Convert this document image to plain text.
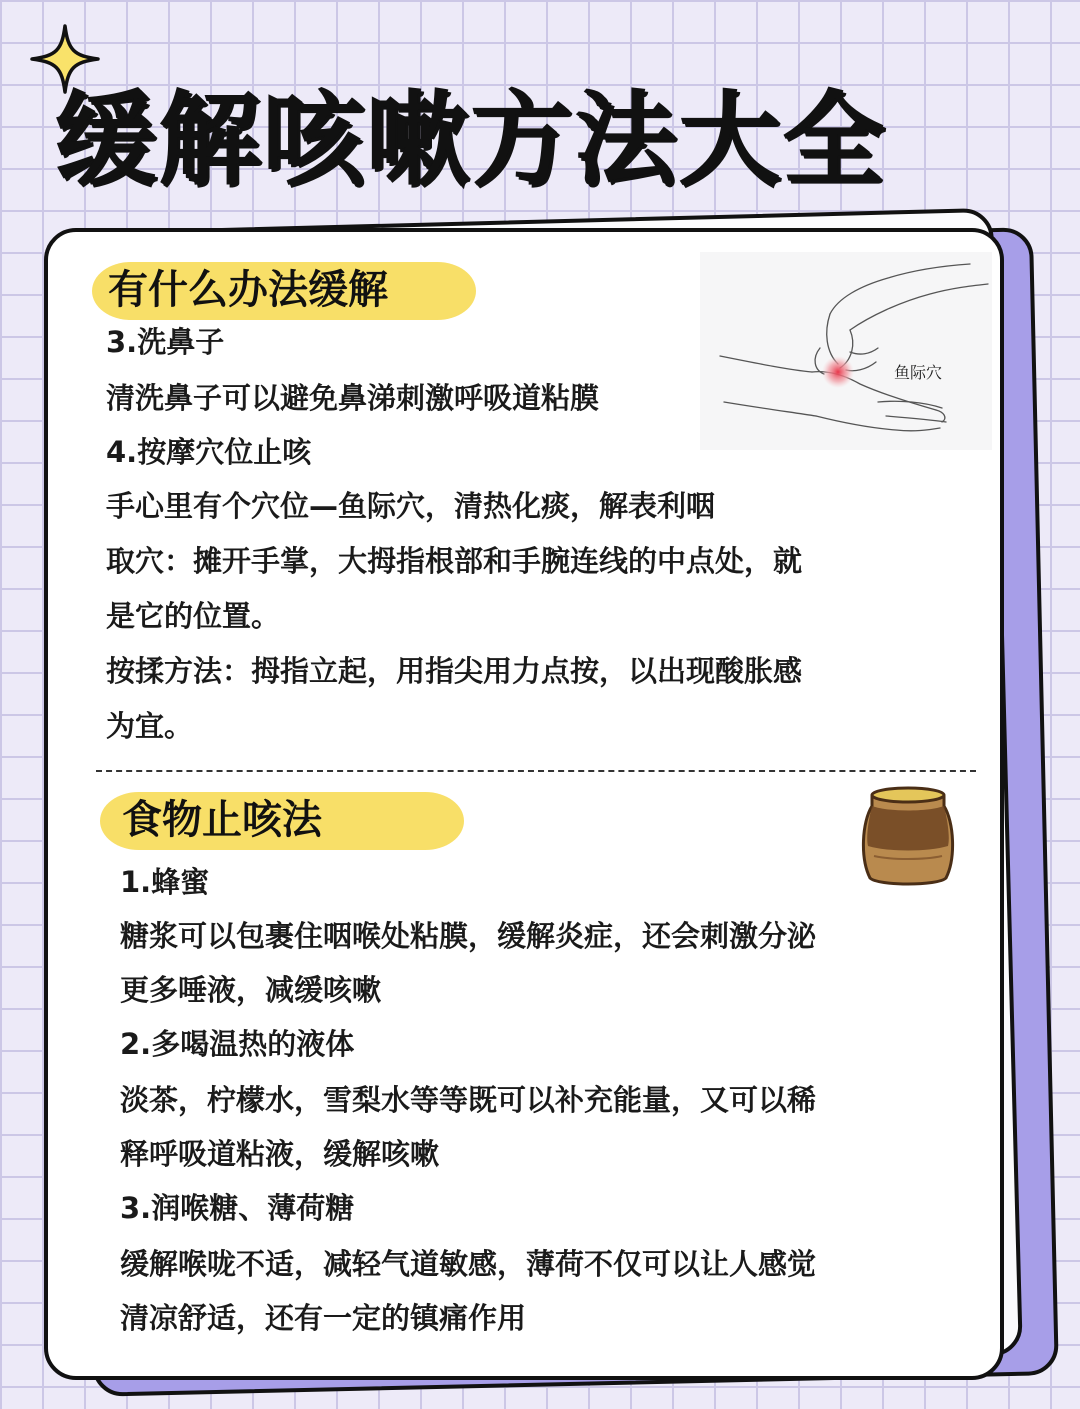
缓解咳嗽方法大全
有什么办法缓解
3.洗鼻子
清洗鼻子可以避免鼻涕刺激呼吸道粘膜
4.按摩穴位止咳
手心里有个穴位—鱼际穴，清热化痰，解表利咽
取穴：摊开手掌，大拇指根部和手腕连线的中点处，就
是它的位置。
按揉方法：拇指立起，用指尖用力点按，以出现酸胀感
为宜。
鱼际穴
食物止咳法
1.蜂蜜
糖浆可以包裹住咽喉处粘膜，缓解炎症，还会刺激分泌
更多唾液，减缓咳嗽
2.多喝温热的液体
淡茶，柠檬水，雪梨水等等既可以补充能量，又可以稀
释呼吸道粘液，缓解咳嗽
3.润喉糖、薄荷糖
缓解喉咙不适，减轻气道敏感，薄荷不仅可以让人感觉
清凉舒适，还有一定的镇痛作用
